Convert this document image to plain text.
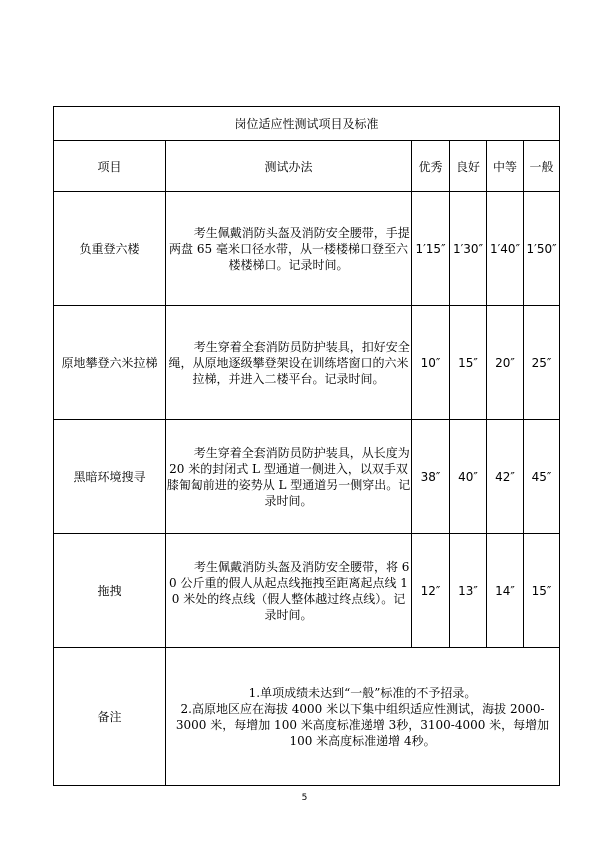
岗位适应性测试项目及标准					
项目	测试办法	优秀	良好	中等	一般
负重登六楼	考生佩戴消防头盔及消防安全腰带，手提两盘 65 毫米口径水带，从一楼楼梯口登至六楼楼梯口。记录时间。	1′15″	1′30″	1′40″	1′50″
原地攀登六米拉梯	考生穿着全套消防员防护装具，扣好安全绳，从原地逐级攀登架设在训练塔窗口的六米拉梯，并进入二楼平台。记录时间。	10″	15″	20″	25″
黑暗环境搜寻	考生穿着全套消防员防护装具，从长度为 20 米的封闭式 L 型通道一侧进入，以双手双膝匍匐前进的姿势从 L 型通道另一侧穿出。记录时间。	38″	40″	42″	45″
拖拽	考生佩戴消防头盔及消防安全腰带，将 60 公斤重的假人从起点线拖拽至距离起点线 10 米处的终点线（假人整体越过终点线）。记录时间。	12″	13″	14″	15″
备注	1.单项成绩未达到“一般”标准的不予招录。
2.高原地区应在海拔 4000 米以下集中组织适应性测试，海拔 2000-3000 米，每增加 100 米高度标准递增 3秒，3100-4000 米，每增加 100 米高度标准递增 4秒。				
5
